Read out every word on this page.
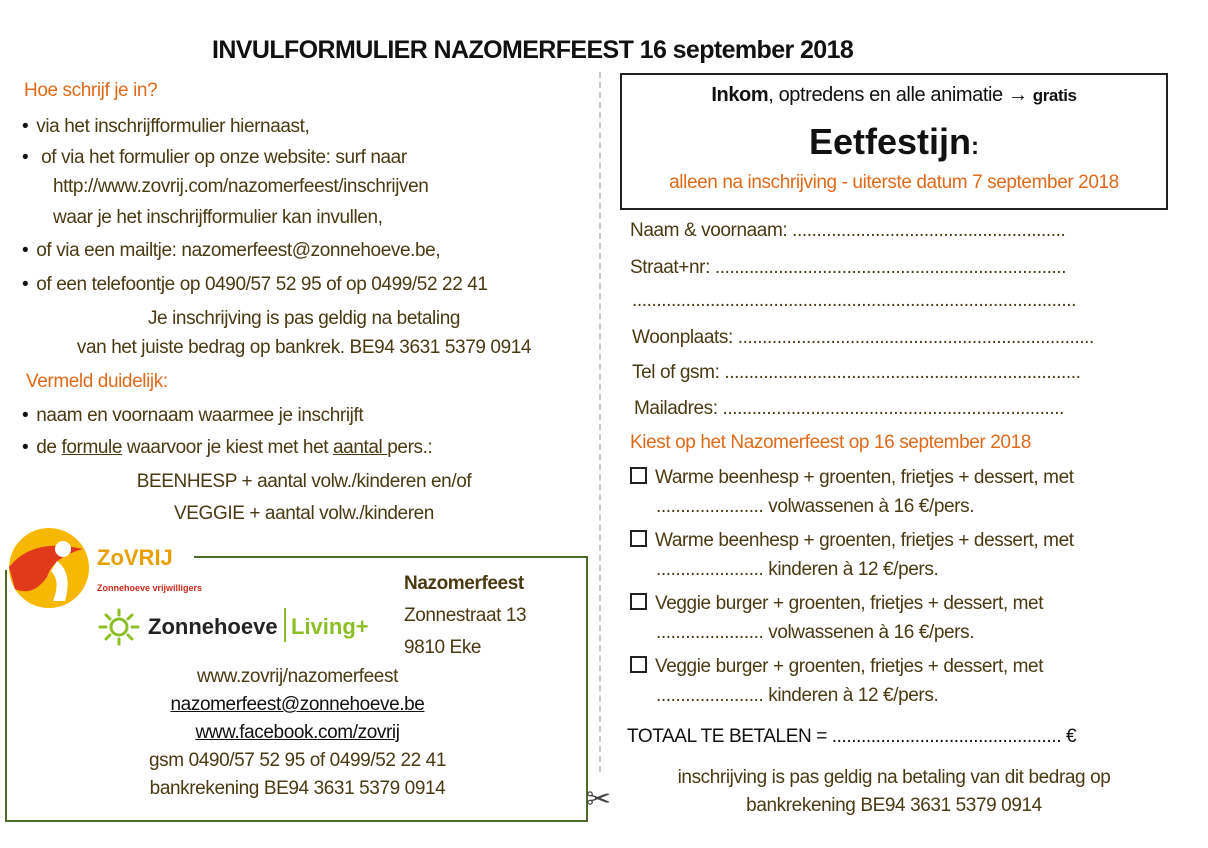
INVULFORMULIER NAZOMERFEEST 16 september 2018
Hoe schrijf je in?
• via het inschrijfformulier hiernaast,
• of via het formulier op onze website: surf naar
http://www.zovrij.com/nazomerfeest/inschrijven
waar je het inschrijfformulier kan invullen,
• of via een mailtje: nazomerfeest@zonnehoeve.be,
• of een telefoontje op 0490/57 52 95 of op 0499/52 22 41
Je inschrijving is pas geldig na betaling
van het juiste bedrag op bankrek. BE94 3631 5379 0914
Vermeld duidelijk:
• naam en voornaam waarmee je inschrijft
• de formule waarvoor je kiest met het aantal pers.:
BEENHESP + aantal volw./kinderen en/of
VEGGIE + aantal volw./kinderen
ZoVRIJ
Zonnehoeve vrijwilligers
Zonnehoeve Living+
Nazomerfeest
Zonnestraat 13
9810 Eke
www.zovrij/nazomerfeest
nazomerfeest@zonnehoeve.be
www.facebook.com/zovrij
gsm 0490/57 52 95 of 0499/52 22 41
bankrekening BE94 3631 5379 0914	✂
Inkom, optredens en alle animatie → gratis
Eetfestijn:
alleen na inschrijving - uiterste datum 7 september 2018
Naam & voornaam: ........................................................
Straat+nr: ........................................................................
...........................................................................................
Woonplaats: .........................................................................
Tel of gsm: .........................................................................
Mailadres: ......................................................................
Kiest op het Nazomerfeest op 16 september 2018
Warme beenhesp + groenten, frietjes + dessert, met
...................... volwassenen à 16 €/pers.
Warme beenhesp + groenten, frietjes + dessert, met
...................... kinderen à 12 €/pers.
Veggie burger + groenten, frietjes + dessert, met
...................... volwassenen à 16 €/pers.
Veggie burger + groenten, frietjes + dessert, met
...................... kinderen à 12 €/pers.
TOTAAL TE BETALEN = ............................................... €
inschrijving is pas geldig na betaling van dit bedrag op
bankrekening BE94 3631 5379 0914
